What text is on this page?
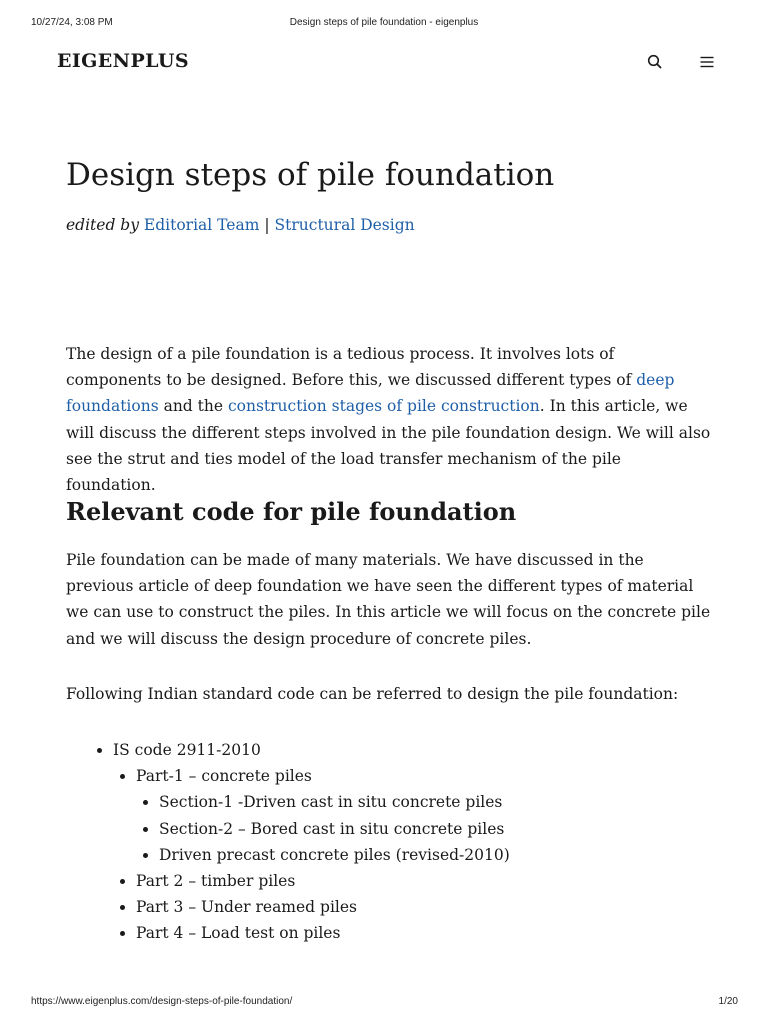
10/27/24, 3:08 PM	Design steps of pile foundation - eigenplus
EIGENPLUS
Design steps of pile foundation
edited by Editorial Team | Structural Design

The design of a pile foundation is a tedious process. It involves lots of components to be designed. Before this, we discussed different types of deep foundations and the construction stages of pile construction. In this article, we will discuss the different steps involved in the pile foundation design. We will also see the strut and ties model of the load transfer mechanism of the pile foundation.

Relevant code for pile foundation

Pile foundation can be made of many materials. We have discussed in the previous article of deep foundation we have seen the different types of material we can use to construct the piles. In this article we will focus on the concrete pile and we will discuss the design procedure of concrete piles.

Following Indian standard code can be referred to design the pile foundation:

IS code 2911-2010
Part-1 – concrete piles
Section-1 -Driven cast in situ concrete piles
Section-2 – Bored cast in situ concrete piles
Driven precast concrete piles (revised-2010)
Part 2 – timber piles
Part 3 – Under reamed piles
Part 4 – Load test on piles
https://www.eigenplus.com/design-steps-of-pile-foundation/	1/20
